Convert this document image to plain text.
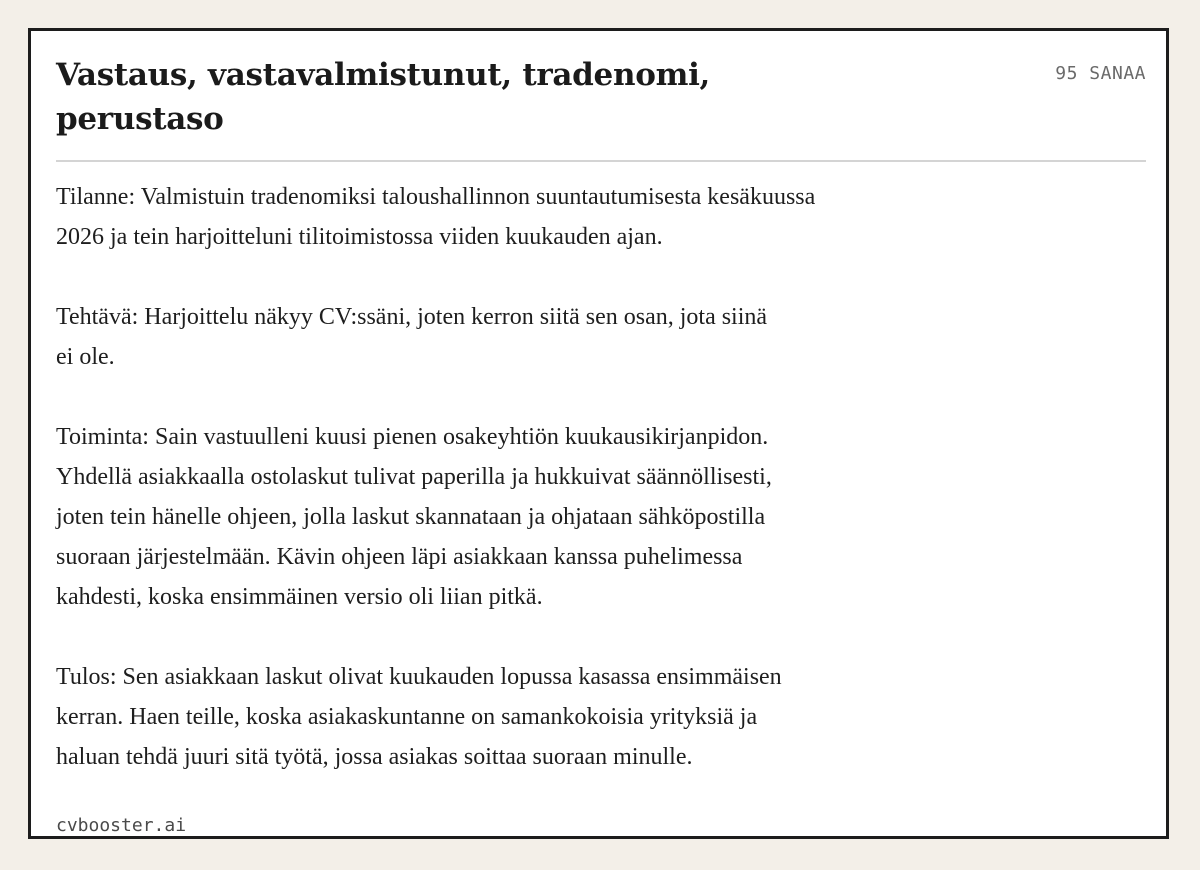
Vastaus, vastavalmistunut, tradenomi, perustaso
95 SANAA

Tilanne: Valmistuin tradenomiksi taloushallinnon suuntautumisesta kesäkuussa
2026 ja tein harjoitteluni tilitoimistossa viiden kuukauden ajan.

Tehtävä: Harjoittelu näkyy CV:ssäni, joten kerron siitä sen osan, jota siinä
ei ole.

Toiminta: Sain vastuulleni kuusi pienen osakeyhtiön kuukausikirjanpidon.
Yhdellä asiakkaalla ostolaskut tulivat paperilla ja hukkuivat säännöllisesti,
joten tein hänelle ohjeen, jolla laskut skannataan ja ohjataan sähköpostilla
suoraan järjestelmään. Kävin ohjeen läpi asiakkaan kanssa puhelimessa
kahdesti, koska ensimmäinen versio oli liian pitkä.

Tulos: Sen asiakkaan laskut olivat kuukauden lopussa kasassa ensimmäisen
kerran. Haen teille, koska asiakaskuntanne on samankokoisia yrityksiä ja
haluan tehdä juuri sitä työtä, jossa asiakas soittaa suoraan minulle.

cvbooster.ai
